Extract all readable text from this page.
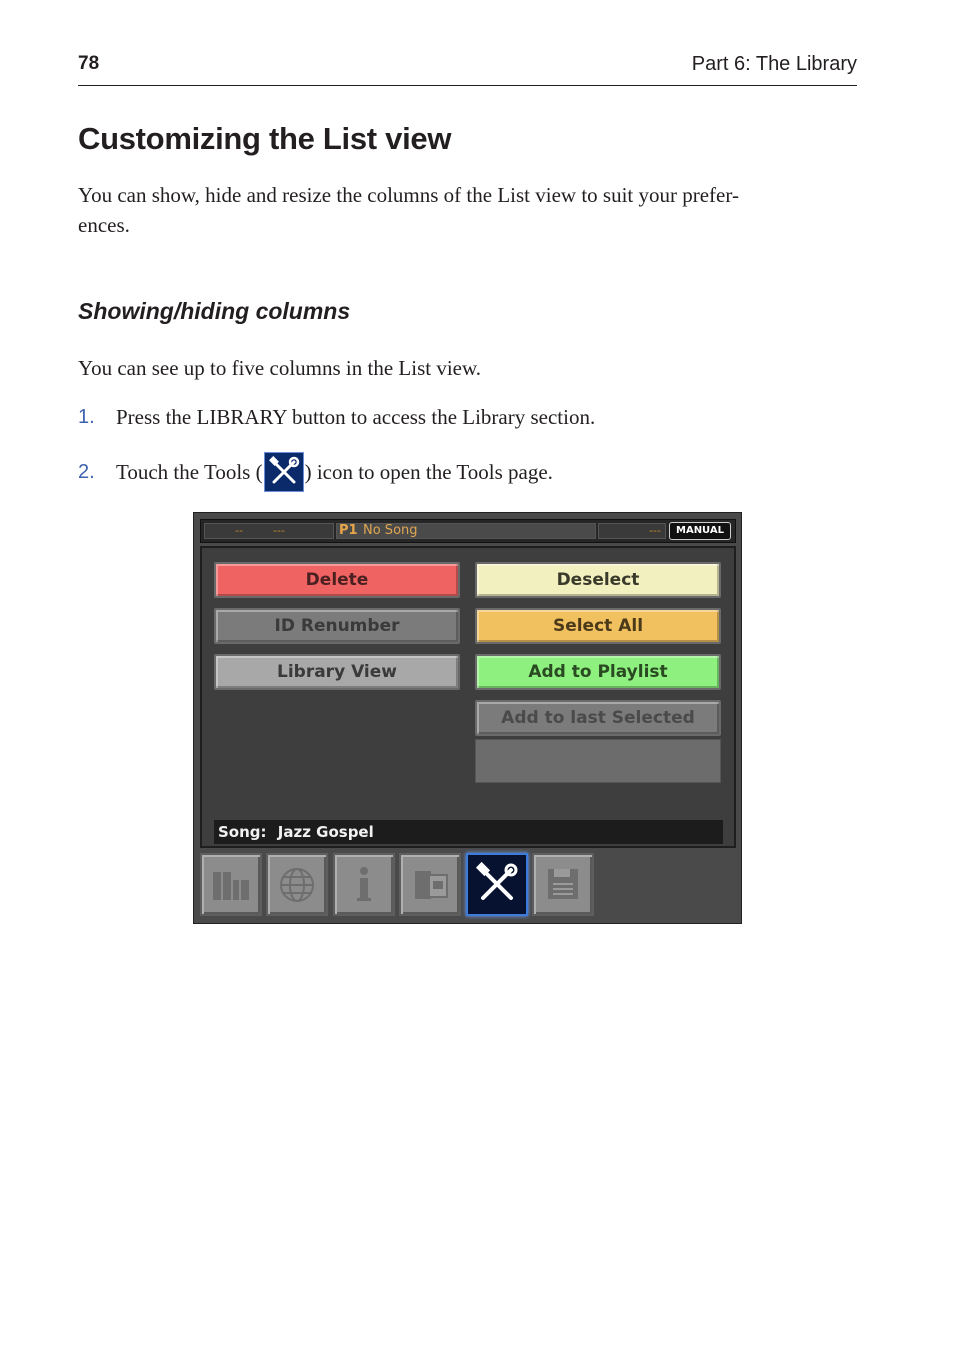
78	Part 6: The Library
Customizing the List view

You can show, hide and resize the columns of the List view to suit your prefer-
ences.

Showing/hiding columns

You can see up to five columns in the List view.

1.	Press the LIBRARY button to access the Library section.
2.	Touch the Tools ( ) icon to open the Tools page.
--	---	P1 No Song	---	MANUAL
Delete	Deselect
ID Renumber	Select All
Library View	Add to Playlist
Add to last Selected
Song: Jazz Gospel
